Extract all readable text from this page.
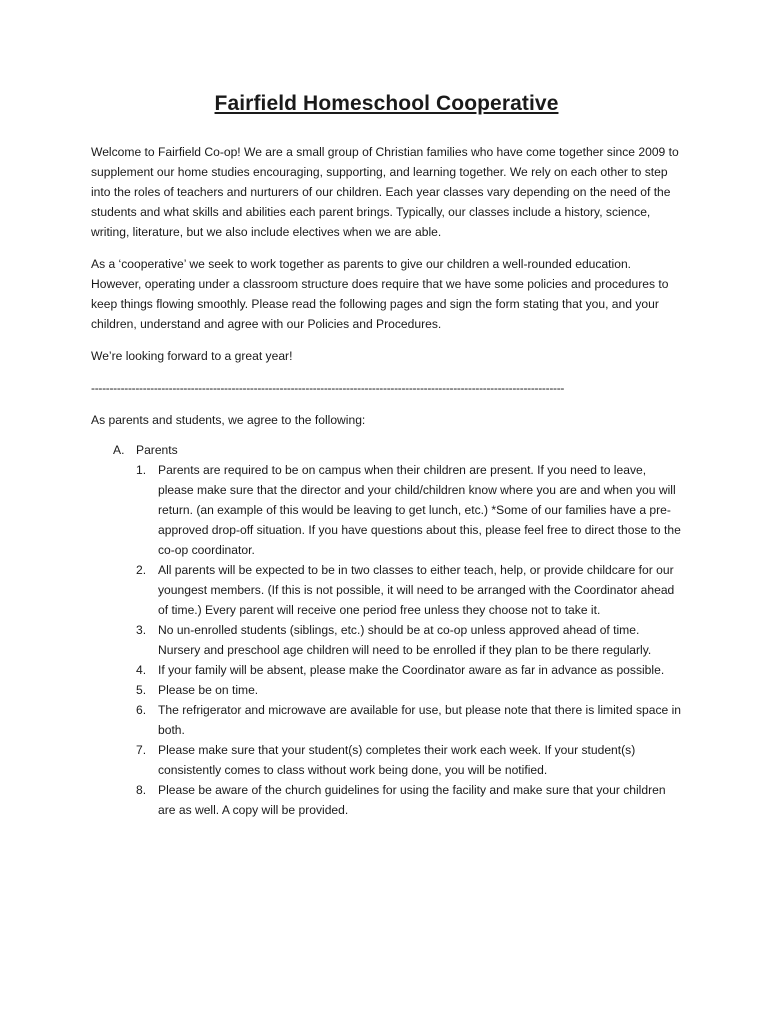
Fairfield Homeschool Cooperative

Welcome to Fairfield Co-op! We are a small group of Christian families who have come together since 2009 to supplement our home studies encouraging, supporting, and learning together. We rely on each other to step into the roles of teachers and nurturers of our children. Each year classes vary depending on the need of the students and what skills and abilities each parent brings. Typically, our classes include a history, science, writing, literature, but we also include electives when we are able.

As a ‘cooperative’ we seek to work together as parents to give our children a well-rounded education. However, operating under a classroom structure does require that we have some policies and procedures to keep things flowing smoothly. Please read the following pages and sign the form stating that you, and your children, understand and agree with our Policies and Procedures.

We’re looking forward to a great year!

--------------------------------------------------------------------------------------------------------------------------------

As parents and students, we agree to the following:

A. Parents
1. Parents are required to be on campus when their children are present. If you need to leave, please make sure that the director and your child/children know where you are and when you will return. (an example of this would be leaving to get lunch, etc.) *Some of our families have a pre-approved drop-off situation. If you have questions about this, please feel free to direct those to the co-op coordinator.
2. All parents will be expected to be in two classes to either teach, help, or provide childcare for our youngest members. (If this is not possible, it will need to be arranged with the Coordinator ahead of time.) Every parent will receive one period free unless they choose not to take it.
3. No un-enrolled students (siblings, etc.) should be at co-op unless approved ahead of time. Nursery and preschool age children will need to be enrolled if they plan to be there regularly.
4. If your family will be absent, please make the Coordinator aware as far in advance as possible.
5. Please be on time.
6. The refrigerator and microwave are available for use, but please note that there is limited space in both.
7. Please make sure that your student(s) completes their work each week. If your student(s) consistently comes to class without work being done, you will be notified.
8. Please be aware of the church guidelines for using the facility and make sure that your children are as well. A copy will be provided.
